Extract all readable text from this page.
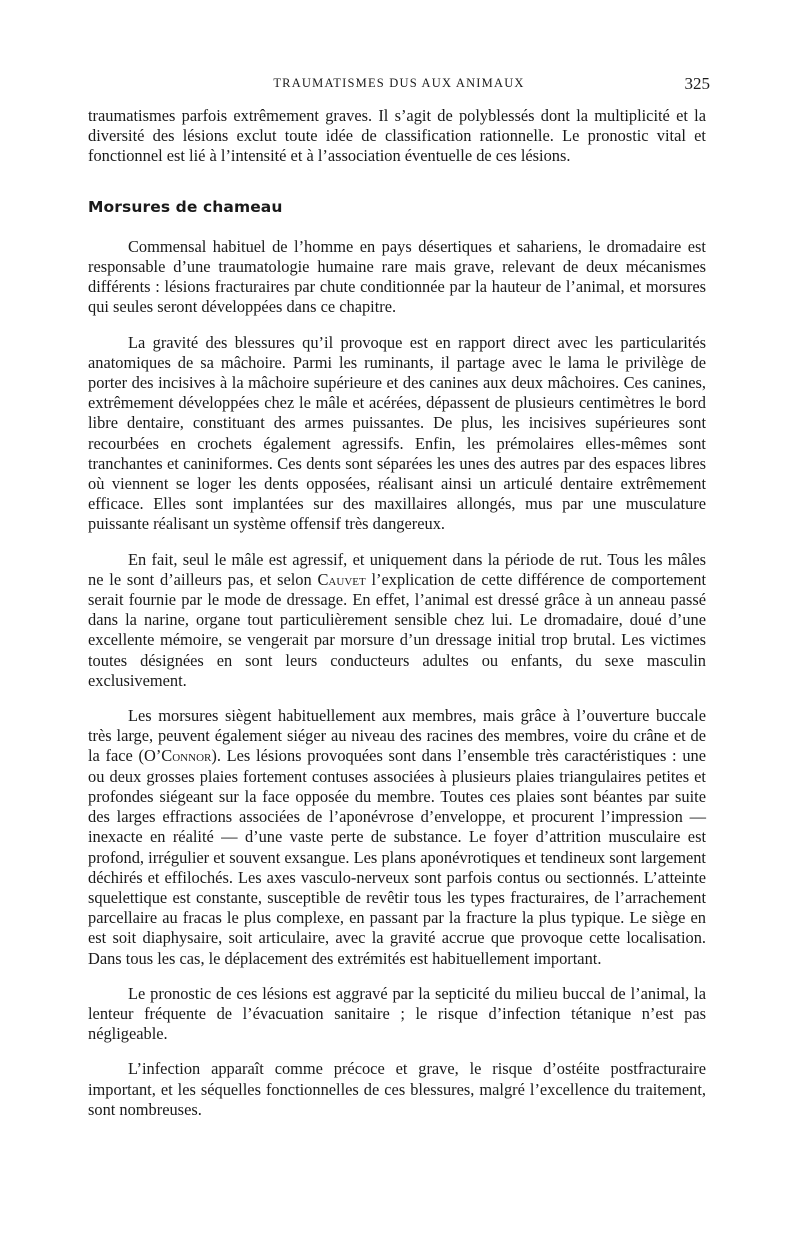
TRAUMATISMES DUS AUX ANIMAUX	325

traumatismes parfois extrêmement graves. Il s’agit de polyblessés dont la multiplicité et la diversité des lésions exclut toute idée de classification rationnelle. Le pronostic vital et fonctionnel est lié à l’intensité et à l’association éventuelle de ces lésions.

Morsures de chameau

Commensal habituel de l’homme en pays désertiques et sahariens, le dromadaire est responsable d’une traumatologie humaine rare mais grave, relevant de deux mécanismes différents : lésions fracturaires par chute conditionnée par la hauteur de l’animal, et morsures qui seules seront développées dans ce chapitre.

La gravité des blessures qu’il provoque est en rapport direct avec les particularités anatomiques de sa mâchoire. Parmi les ruminants, il partage avec le lama le privilège de porter des incisives à la mâchoire supérieure et des canines aux deux mâchoires. Ces canines, extrêmement développées chez le mâle et acérées, dépassent de plusieurs centimètres le bord libre dentaire, constituant des armes puissantes. De plus, les incisives supérieures sont recourbées en crochets également agressifs. Enfin, les prémolaires elles-mêmes sont tranchantes et caniniformes. Ces dents sont séparées les unes des autres par des espaces libres où viennent se loger les dents opposées, réalisant ainsi un articulé dentaire extrêmement efficace. Elles sont implantées sur des maxillaires allongés, mus par une musculature puissante réalisant un système offensif très dangereux.

En fait, seul le mâle est agressif, et uniquement dans la période de rut. Tous les mâles ne le sont d’ailleurs pas, et selon Cauvet l’explication de cette différence de comportement serait fournie par le mode de dressage. En effet, l’animal est dressé grâce à un anneau passé dans la narine, organe tout particulièrement sensible chez lui. Le dromadaire, doué d’une excellente mémoire, se vengerait par morsure d’un dressage initial trop brutal. Les victimes toutes désignées en sont leurs conducteurs adultes ou enfants, du sexe masculin exclusivement.

Les morsures siègent habituellement aux membres, mais grâce à l’ouverture buccale très large, peuvent également siéger au niveau des racines des membres, voire du crâne et de la face (O’Connor). Les lésions provoquées sont dans l’ensemble très caractéristiques : une ou deux grosses plaies fortement contuses associées à plusieurs plaies triangulaires petites et profondes siégeant sur la face opposée du membre. Toutes ces plaies sont béantes par suite des larges effractions associées de l’aponévrose d’enveloppe, et procurent l’impression — inexacte en réalité — d’une vaste perte de substance. Le foyer d’attrition musculaire est profond, irrégulier et souvent exsangue. Les plans aponévrotiques et tendineux sont largement déchirés et effilochés. Les axes vasculo-nerveux sont parfois contus ou sectionnés. L’atteinte squelettique est constante, susceptible de revêtir tous les types fracturaires, de l’arrachement parcellaire au fracas le plus complexe, en passant par la fracture la plus typique. Le siège en est soit diaphysaire, soit articulaire, avec la gravité accrue que provoque cette localisation. Dans tous les cas, le déplacement des extrémités est habituellement important.

Le pronostic de ces lésions est aggravé par la septicité du milieu buccal de l’animal, la lenteur fréquente de l’évacuation sanitaire ; le risque d’infection tétanique n’est pas négligeable.

L’infection apparaît comme précoce et grave, le risque d’ostéite postfracturaire important, et les séquelles fonctionnelles de ces blessures, malgré l’excellence du traitement, sont nombreuses.
